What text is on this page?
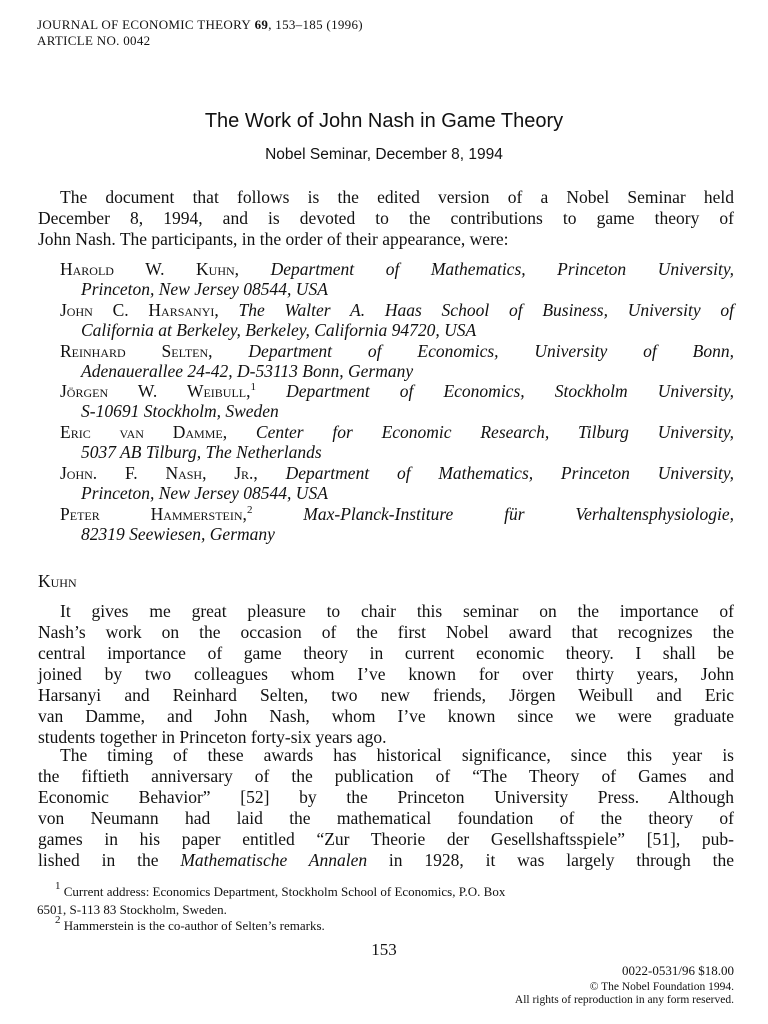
JOURNAL OF ECONOMIC THEORY 69, 153–185 (1996)
ARTICLE NO. 0042
The Work of John Nash in Game Theory
Nobel Seminar, December 8, 1994
The document that follows is the edited version of a Nobel Seminar held
December 8, 1994, and is devoted to the contributions to game theory of
John Nash. The participants, in the order of their appearance, were:
Harold W. Kuhn, Department of Mathematics, Princeton University,
Princeton, New Jersey 08544, USA
John C. Harsanyi, The Walter A. Haas School of Business, University of
California at Berkeley, Berkeley, California 94720, USA
Reinhard Selten, Department of Economics, University of Bonn,
Adenauerallee 24-42, D-53113 Bonn, Germany
Jörgen W. Weibull,$^1$ Department of Economics, Stockholm University,
S-10691 Stockholm, Sweden
Eric van Damme, Center for Economic Research, Tilburg University,
5037 AB Tilburg, The Netherlands
John. F. Nash, Jr., Department of Mathematics, Princeton University,
Princeton, New Jersey 08544, USA
Peter Hammerstein,$^2$	Max-Planck-Institure für Verhaltensphysiologie,
82319 Seewiesen, Germany
Kuhn
It gives me great pleasure to chair this seminar on the importance of
Nash’s work on the occasion of the first Nobel award that recognizes the
central importance of game theory in current economic theory. I shall be
joined by two colleagues whom I’ve known for over thirty years, John
Harsanyi and Reinhard Selten, two new friends, Jörgen Weibull and Eric
van Damme, and John Nash, whom I’ve known since we were graduate
students together in Princeton forty-six years ago.
The timing of these awards has historical significance, since this year is
the fiftieth anniversary of the publication of “The Theory of Games and
Economic Behavior” [52] by the Princeton University Press. Although
von Neumann had laid the mathematical foundation of the theory of
games in his paper entitled “Zur Theorie der Gesellshaftsspiele” [51], pub-
lished in the Mathematische Annalen in 1928, it was largely through the
$^1$ Current address: Economics Department, Stockholm School of Economics, P.O. Box
6501, S-113 83 Stockholm, Sweden.
$^2$ Hammerstein is the co-author of Selten’s remarks.
153
0022-0531/96 $18.00
© The Nobel Foundation 1994.
All rights of reproduction in any form reserved.
